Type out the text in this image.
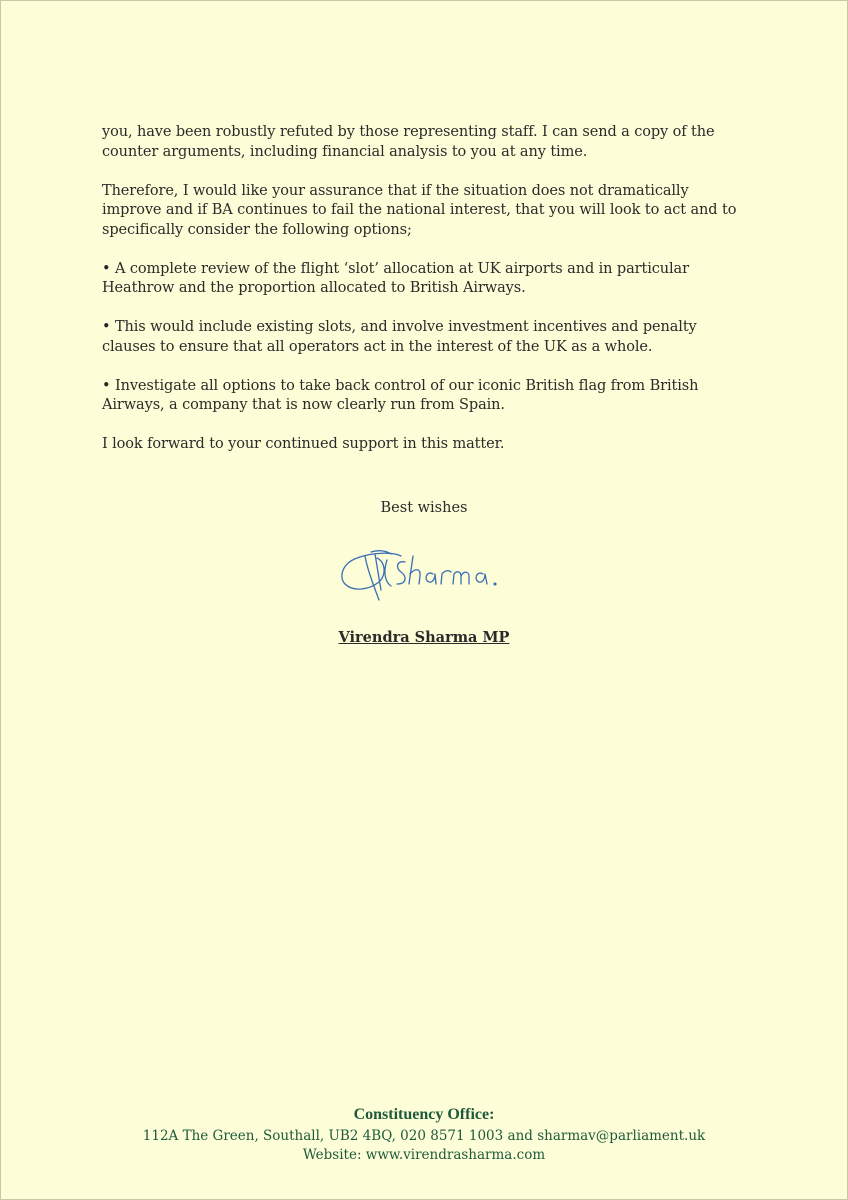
you, have been robustly refuted by those representing staff. I can send a copy of the counter arguments, including financial analysis to you at any time.

Therefore, I would like your assurance that if the situation does not dramatically improve and if BA continues to fail the national interest, that you will look to act and to specifically consider the following options;

• A complete review of the flight ‘slot’ allocation at UK airports and in particular Heathrow and the proportion allocated to British Airways.

• This would include existing slots, and involve investment incentives and penalty clauses to ensure that all operators act in the interest of the UK as a whole.

• Investigate all options to take back control of our iconic British flag from British Airways, a company that is now clearly run from Spain.

I look forward to your continued support in this matter.

Best wishes
Virendra Sharma MP
Constituency Office:
112A The Green, Southall, UB2 4BQ, 020 8571 1003 and sharmav@parliament.uk
Website: www.virendrasharma.com
